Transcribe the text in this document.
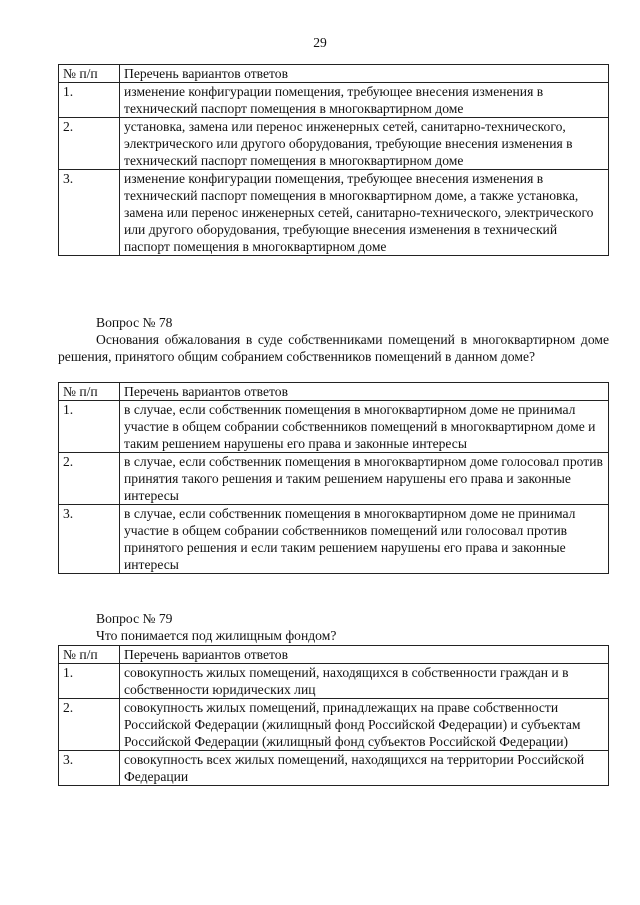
29
№ п/п	Перечень вариантов ответов
1.	изменение конфигурации помещения, требующее внесения изменения в технический паспорт помещения в многоквартирном доме
2.	установка, замена или перенос инженерных сетей, санитарно-технического, электрического или другого оборудования, требующие внесения изменения в технический паспорт помещения в многоквартирном доме
3.	изменение конфигурации помещения, требующее внесения изменения в технический паспорт помещения в многоквартирном доме, а также установка, замена или перенос инженерных сетей, санитарно-технического, электрического или другого оборудования, требующие внесения изменения в технический паспорт помещения в многоквартирном доме
Вопрос № 78
Основания обжалования в суде собственниками помещений в многоквартирном доме решения, принятого общим собранием собственников помещений в данном доме?
№ п/п	Перечень вариантов ответов
1.	в случае, если собственник помещения в многоквартирном доме не принимал участие в общем собрании собственников помещений в многоквартирном доме и таким решением нарушены его права и законные интересы
2.	в случае, если собственник помещения в многоквартирном доме голосовал против принятия такого решения и таким решением нарушены его права и законные интересы
3.	в случае, если собственник помещения в многоквартирном доме не принимал участие в общем собрании собственников помещений или голосовал против принятого решения и если таким решением нарушены его права и законные интересы
Вопрос № 79
Что понимается под жилищным фондом?
№ п/п	Перечень вариантов ответов
1.	совокупность жилых помещений, находящихся в собственности граждан и в собственности юридических лиц
2.	совокупность жилых помещений, принадлежащих на праве собственности Российской Федерации (жилищный фонд Российской Федерации) и субъектам Российской Федерации (жилищный фонд субъектов Российской Федерации)
3.	совокупность всех жилых помещений, находящихся на территории Российской Федерации
